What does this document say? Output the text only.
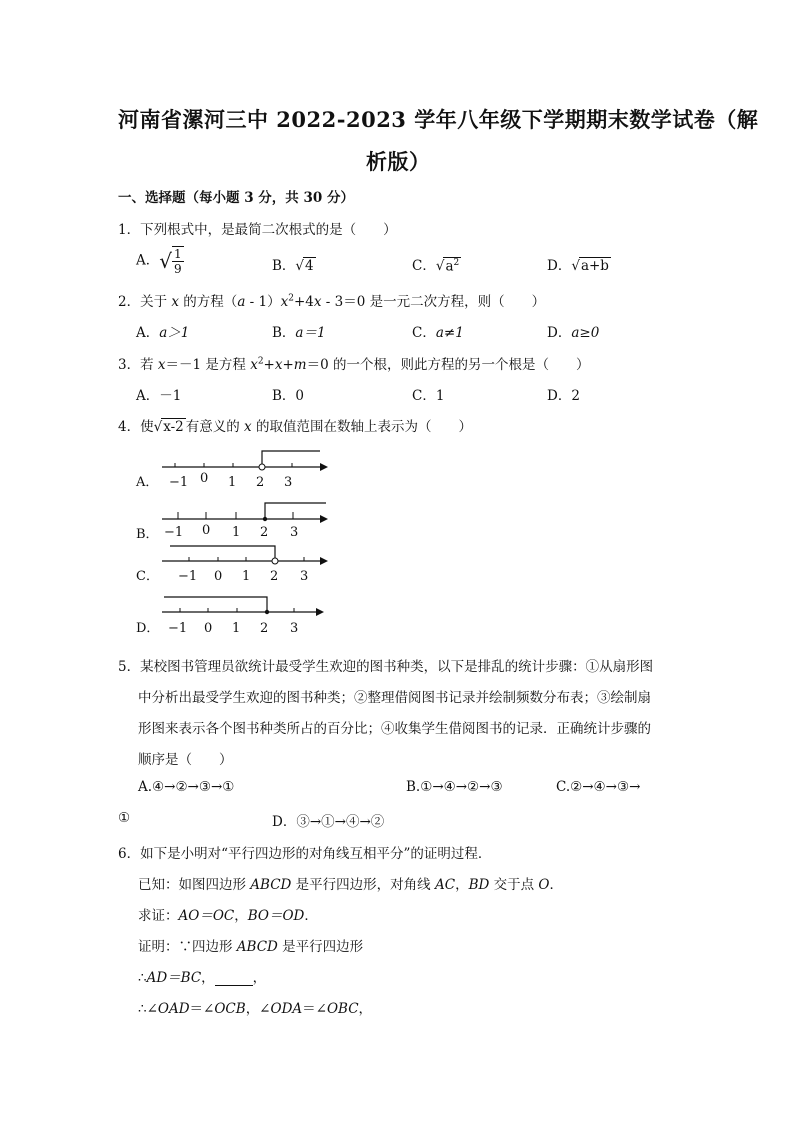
河南省漯河三中 2022-2023 学年八年级下学期期末数学试卷（解
析版）
一、选择题（每小题 3 分，共 30 分）
1．下列根式中，是最简二次根式的是（　　）
A．√ $\frac{1}{9}$	B．√4	C．$√a^2$	D．√a+b
2．关于 x 的方程$(a - 1)x^2+4x - 3=0$ 是一元二次方程，则（　　）
A．a＞1	B．a＝1	C．a≠1	D．a≥0
3．若 x＝－1 是方程 $x^2+x+m=0$ 的一个根，则此方程的另一个根是（　　）
A．－1	B．0	C．1	D．2
4．使√x-2 有意义的 x 的取值范围在数轴上表示为（　　）
A． −1 0 1 2 3
B． −1 0 1 2 3
C． −1 0 1 2 3
D． −1 0 1 2 3
5．某校图书管理员欲统计最受学生欢迎的图书种类，以下是排乱的统计步骤：①从扇形图
中分析出最受学生欢迎的图书种类；②整理借阅图书记录并绘制频数分布表；③绘制扇
形图来表示各个图书种类所占的百分比；④收集学生借阅图书的记录．正确统计步骤的
顺序是（　　）
A.④→②→③→①	B.①→④→②→③	C.②→④→③→
①	D．③→①→④→②
6．如下是小明对“平行四边形的对角线互相平分”的证明过程．
已知：如图四边形 ABCD 是平行四边形，对角线 AC，BD 交于点 O．
求证：AO＝OC，BO＝OD．
证明：∵四边形 ABCD 是平行四边形
∴AD＝BC，	，
∴∠OAD＝∠OCB，∠ODA＝∠OBC，
